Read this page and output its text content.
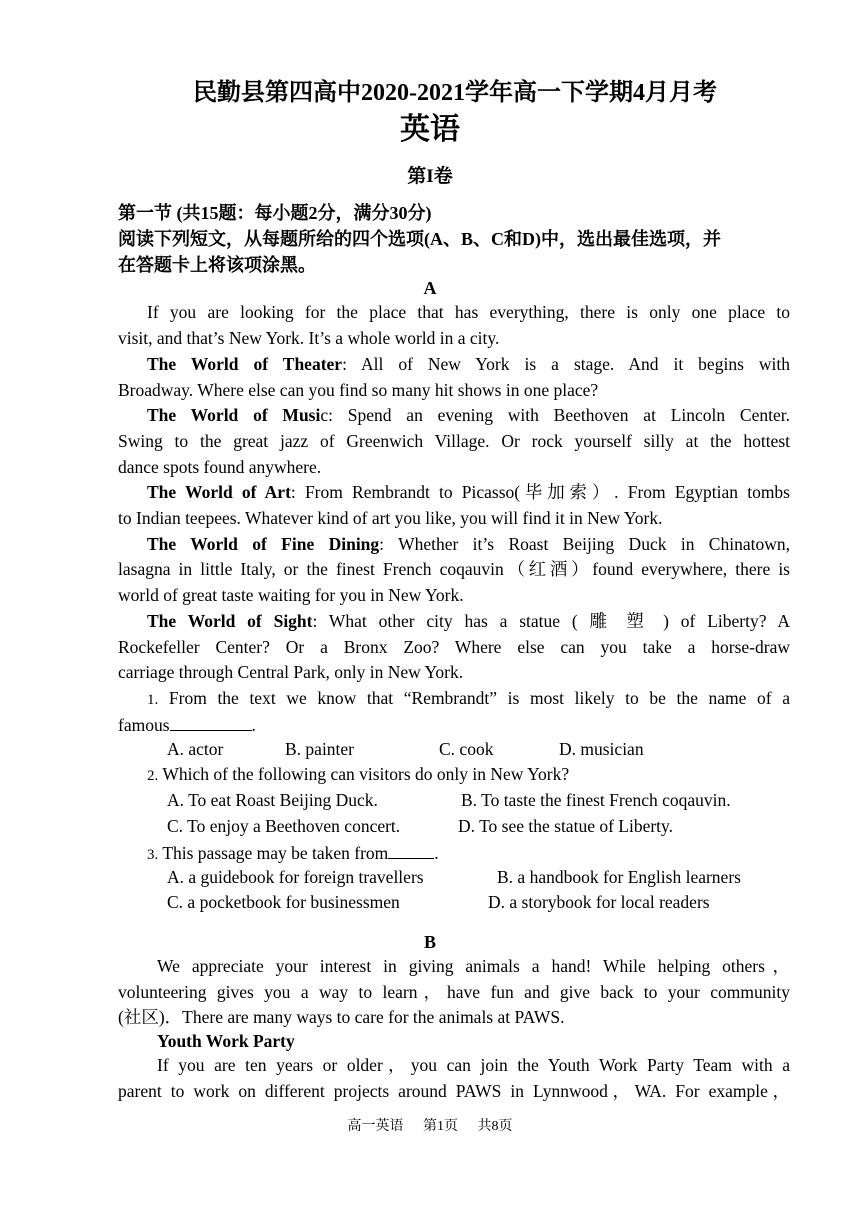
民勤县第四高中2020-2021学年高一下学期4月月考
英语
第I卷
第一节 (共15题：每小题2分，满分30分)
阅读下列短文，从每题所给的四个选项(A、B、C和D)中，选出最佳选项，并
在答题卡上将该项涂黑。
A
If you are looking for the place that has everything, there is only one place to
visit, and that’s New York. It’s a whole world in a city.
The World of Theater: All of New York is a stage. And it begins with
Broadway. Where else can you find so many hit shows in one place?
The World of Music: Spend an evening with Beethoven at Lincoln Center.
Swing to the great jazz of Greenwich Village. Or rock yourself silly at the hottest
dance spots found anywhere.
The World of Art: From Rembrandt to Picasso(毕加索）. From Egyptian tombs
to Indian teepees. Whatever kind of art you like, you will find it in New York.
The World of Fine Dining: Whether it’s Roast Beijing Duck in Chinatown,
lasagna in little Italy, or the finest French coqauvin（红酒）found everywhere, there is
world of great taste waiting for you in New York.
The World of Sight: What other city has a statue ( 雕 塑 ) of Liberty? A
Rockefeller Center? Or a Bronx Zoo? Where else can you take a horse-draw
carriage through Central Park, only in New York.
1. From the text we know that “Rembrandt” is most likely to be the name of a
famous	.
A. actor	B. painter	C. cook	D. musician
2. Which of the following can visitors do only in New York?
A. To eat Roast Beijing Duck.	B. To taste the finest French coqauvin.
C. To enjoy a Beethoven concert.	D. To see the statue of Liberty.
3. This passage may be taken from	.
A. a guidebook for foreign travellers	B. a handbook for English learners
C. a pocketbook for businessmen	D. a storybook for local readers
B
We appreciate your interest in giving animals a hand! While helping others，
volunteering gives you a way to learn，have fun and give back to your community
(社区)．There are many ways to care for the animals at PAWS.
Youth Work Party
If you are ten years or older，you can join the Youth Work Party Team with a
parent to work on different projects around PAWS in Lynnwood，WA. For example，
高一英语 第1页 共8页
